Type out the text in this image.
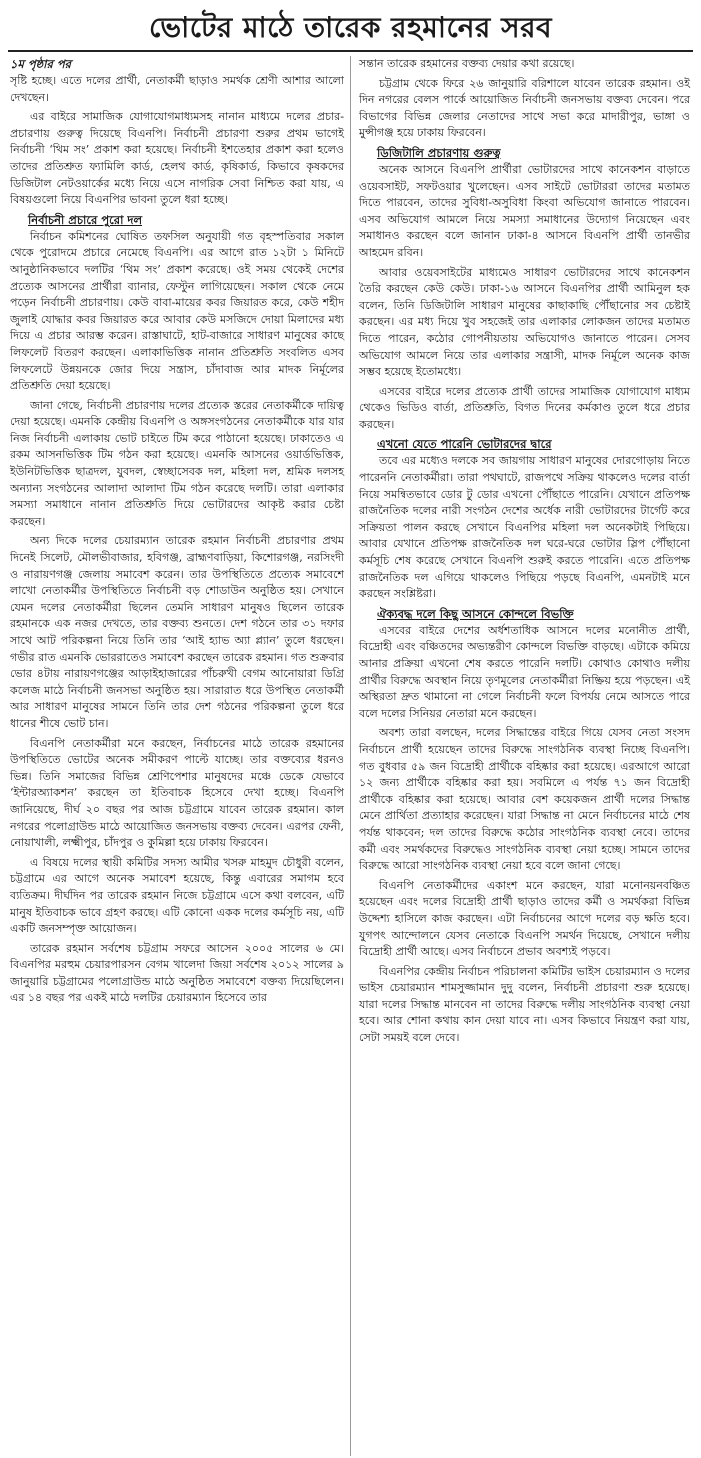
ভোটের মাঠে তারেক রহমানের সরব
১ম পৃষ্ঠার পর

সৃষ্টি হচ্ছে। এতে দলের প্রার্থী, নেতাকর্মী ছাড়াও সমর্থক শ্রেণী আশার আলো দেখছেন।

এর বাইরে সামাজিক যোগাযোগমাধ্যমসহ নানান মাধ্যমে দলের প্রচার-প্রচারণায় গুরুত্ব দিয়েছে বিএনপি। নির্বাচনী প্রচারণা শুরুর প্রথম ভাগেই নির্বাচনী ‘থিম সং’ প্রকাশ করা হয়েছে। নির্বাচনী ইশতেহার প্রকাশ করা হলেও তাদের প্রতিশ্রুত ফ্যামিলি কার্ড, হেলথ কার্ড, কৃষিকার্ড, কিভাবে কৃষকদের ডিজিটাল নেটওয়ার্কের মধ্যে নিয়ে এসে নাগরিক সেবা নিশ্চিত করা যায়, এ বিষয়গুলো নিয়ে বিএনপির ভাবনা তুলে ধরা হচ্ছে।

নির্বাচনী প্রচারে পুরো দল

নির্বাচন কমিশনের ঘোষিত তফসিল অনুযায়ী গত বৃহস্পতিবার সকাল থেকে পুরোদমে প্রচারে নেমেছে বিএনপি। এর আগে রাত ১২টা ১ মিনিটে আনুষ্ঠানিকভাবে দলটির ‘থিম সং’ প্রকাশ করেছে। ওই সময় থেকেই দেশের প্রত্যেক আসনের প্রার্থীরা ব্যানার, ফেস্টুন লাগিয়েছেন। সকাল থেকে নেমে পড়েন নির্বাচনী প্রচারণায়। কেউ বাবা-মায়ের কবর জিয়ারত করে, কেউ শহীদ জুলাই যোদ্ধার কবর জিয়ারত করে আবার কেউ মসজিদে দোয়া মিলাদের মধ্য দিয়ে এ প্রচার আরম্ভ করেন। রাস্তাঘাটে, হাট-বাজারে সাধারণ মানুষের কাছে লিফলেট বিতরণ করছেন। এলাকাভিত্তিক নানান প্রতিশ্রুতি সংবলিত এসব লিফলেটে উন্নয়নকে জোর দিয়ে সন্ত্রাস, চাঁদাবাজ আর মাদক নির্মূলের প্রতিশ্রুতি দেয়া হয়েছে।

জানা গেছে, নির্বাচনী প্রচারণায় দলের প্রত্যেক স্তরের নেতাকর্মীকে দায়িত্ব দেয়া হয়েছে। এমনকি কেন্দ্রীয় বিএনপি ও অঙ্গসংগঠনের নেতাকর্মীকে যার যার নিজ নির্বাচনী এলাকায় ভোট চাইতে টিম করে পাঠানো হয়েছে। ঢাকাতেও এ রকম আসনভিত্তিক টিম গঠন করা হয়েছে। এমনকি আসনের ওয়ার্ডভিত্তিক, ইউনিটভিত্তিক ছাত্রদল, যুবদল, স্বেচ্ছাসেবক দল, মহিলা দল, শ্রমিক দলসহ অন্যান্য সংগঠনের আলাদা আলাদা টিম গঠন করেছে দলটি। তারা এলাকার সমস্যা সমাধানে নানান প্রতিশ্রুতি দিয়ে ভোটারদের আকৃষ্ট করার চেষ্টা করছেন।

অন্য দিকে দলের চেয়ারম্যান তারেক রহমান নির্বাচনী প্রচারণার প্রথম দিনেই সিলেট, মৌলভীবাজার, হবিগঞ্জ, ব্রাহ্মণবাড়িয়া, কিশোরগঞ্জ, নরসিংদী ও নারায়ণগঞ্জ জেলায় সমাবেশ করেন। তার উপস্থিতিতে প্রত্যেক সমাবেশে লাখো নেতাকর্মীর উপস্থিতিতে নির্বাচনী বড় শোডাউন অনুষ্ঠিত হয়। সেখানে যেমন দলের নেতাকর্মীরা ছিলেন তেমনি সাধারণ মানুষও ছিলেন তারেক রহমানকে এক নজর দেখতে, তার বক্তব্য শুনতে। দেশ গঠনে তার ৩১ দফার সাথে আট পরিকল্পনা নিয়ে তিনি তার ‘আই হ্যাভ অ্যা প্ল্যান’ তুলে ধরছেন। গভীর রাত এমনকি ভোররাতেও সমাবেশ করছেন তারেক রহমান। গত শুক্রবার ভোর ৪টায় নারায়ণগঞ্জের আড়াইহাজারের পাঁচরুখী বেগম আনোয়ারা ডিগ্রি কলেজ মাঠে নির্বাচনী জনসভা অনুষ্ঠিত হয়। সারারাত ধরে উপস্থিত নেতাকর্মী আর সাধারণ মানুষের সামনে তিনি তার দেশ গঠনের পরিকল্পনা তুলে ধরে ধানের শীষে ভোট চান।

বিএনপি নেতাকর্মীরা মনে করছেন, নির্বাচনের মাঠে তারেক রহমানের উপস্থিতিতে ভোটের অনেক সমীকরণ পাল্টে যাচ্ছে। তার বক্তব্যের ধরনও ভিন্ন। তিনি সমাজের বিভিন্ন শ্রেণিপেশার মানুষদের মঞ্চে ডেকে যেভাবে ‘ইন্টারঅ্যাকশন’ করছেন তা ইতিবাচক হিসেবে দেখা হচ্ছে। বিএনপি জানিয়েছে, দীর্ঘ ২০ বছর পর আজ চট্টগ্রামে যাবেন তারেক রহমান। কাল নগরের পলোগ্রাউন্ড মাঠে আয়োজিত জনসভায় বক্তব্য দেবেন। এরপর ফেনী, নোয়াখালী, লক্ষ্মীপুর, চাঁদপুর ও কুমিল্লা হয়ে ঢাকায় ফিরবেন।

এ বিষয়ে দলের স্থায়ী কমিটির সদস্য আমীর খসরু মাহমুদ চৌধুরী বলেন, চট্টগ্রামে এর আগে অনেক সমাবেশ হয়েছে, কিন্তু এবারের সমাগম হবে ব্যতিক্রম। দীর্ঘদিন পর তারেক রহমান নিজে চট্টগ্রামে এসে কথা বলবেন, এটি মানুষ ইতিবাচক ভাবে গ্রহণ করছে। এটি কোনো একক দলের কর্মসূচি নয়, এটি একটি জনসম্পৃক্ত আয়োজন।

তারেক রহমান সর্বশেষ চট্টগ্রাম সফরে আসেন ২০০৫ সালের ৬ মে। বিএনপির মরহুম চেয়ারপারসন বেগম খালেদা জিয়া সর্বশেষ ২০১২ সালের ৯ জানুয়ারি চট্টগ্রামের পলোগ্রাউন্ড মাঠে অনুষ্ঠিত সমাবেশে বক্তব্য দিয়েছিলেন। এর ১৪ বছর পর একই মাঠে দলটির চেয়ারম্যান হিসেবে তার

সন্তান তারেক রহমানের বক্তব্য দেয়ার কথা রয়েছে।

চট্টগ্রাম থেকে ফিরে ২৬ জানুয়ারি বরিশালে যাবেন তারেক রহমান। ওই দিন নগরের বেলস পার্কে আয়োজিত নির্বাচনী জনসভায় বক্তব্য দেবেন। পরে বিভাগের বিভিন্ন জেলার নেতাদের সাথে সভা করে মাদারীপুর, ভাঙ্গা ও মুন্সীগঞ্জ হয়ে ঢাকায় ফিরবেন।

ডিজিটালি প্রচারণায় গুরুত্ব

অনেক আসনে বিএনপি প্রার্থীরা ভোটারদের সাথে কানেকশন বাড়াতে ওয়েবসাইট, সফটওয়ার খুলেছেন। এসব সাইটে ভোটাররা তাদের মতামত দিতে পারবেন, তাদের সুবিধা-অসুবিধা কিংবা অভিযোগ জানাতে পারবেন। এসব অভিযোগ আমলে নিয়ে সমস্যা সমাধানের উদ্যোগ নিয়েছেন এবং সমাধানও করছেন বলে জানান ঢাকা-৪ আসনে বিএনপি প্রার্থী তানভীর আহমেদ রবিন।

আবার ওয়েবসাইটের মাধ্যমেও সাধারণ ভোটারদের সাথে কানেকশন তৈরি করছেন কেউ কেউ। ঢাকা-১৬ আসনে বিএনপির প্রার্থী আমিনুল হক বলেন, তিনি ডিজিটালি সাধারণ মানুষের কাছাকাছি পৌঁছানোর সব চেষ্টাই করছেন। এর মধ্য দিয়ে খুব সহজেই তার এলাকার লোকজন তাদের মতামত দিতে পারেন, কঠোর গোপনীয়তায় অভিযোগও জানাতে পারেন। সেসব অভিযোগ আমলে নিয়ে তার এলাকার সন্ত্রাসী, মাদক নির্মূলে অনেক কাজ সম্ভব হয়েছে ইতোমধ্যে।

এসবের বাইরে দলের প্রত্যেক প্রার্থী তাদের সামাজিক যোগাযোগ মাধ্যম থেকেও ভিডিও বার্তা, প্রতিশ্রুতি, বিগত দিনের কর্মকাণ্ড তুলে ধরে প্রচার করছেন।

এখনো যেতে পারেনি ভোটারদের দ্বারে

তবে এর মধ্যেও দলকে সব জায়গায় সাধারণ মানুষের দোরগোড়ায় নিতে পারেননি নেতাকর্মীরা। তারা পথঘাটে, রাজপথে সক্রিয় থাকলেও দলের বার্তা নিয়ে সমন্বিতভাবে ডোর টু ডোর এখনো পৌঁছাতে পারেনি। যেখানে প্রতিপক্ষ রাজনৈতিক দলের নারী সংগঠন দেশের অর্ধেক নারী ভোটারদের টার্গেট করে সক্রিয়তা পালন করছে সেখানে বিএনপির মহিলা দল অনেকটাই পিছিয়ে। আবার যেখানে প্রতিপক্ষ রাজনৈতিক দল ঘরে-ঘরে ভোটার স্লিপ পৌঁছানো কর্মসূচি শেষ করেছে সেখানে বিএনপি শুরুই করতে পারেনি। এতে প্রতিপক্ষ রাজনৈতিক দল এগিয়ে থাকলেও পিছিয়ে পড়ছে বিএনপি, এমনটাই মনে করছেন সংশ্লিষ্টরা।

ঐক্যবদ্ধ দলে কিছু আসনে কোন্দলে বিভক্তি

এসবের বাইরে দেশের অর্ধশতাধিক আসনে দলের মনোনীত প্রার্থী, বিদ্রোহী এবং বঞ্চিতদের অভ্যন্তরীণ কোন্দলে বিভক্তি বাড়ছে। এটাকে কমিয়ে আনার প্রক্রিয়া এখনো শেষ করতে পারেনি দলটি। কোথাও কোথাও দলীয় প্রার্থীর বিরুদ্ধে অবস্থান নিয়ে তৃণমূলের নেতাকর্মীরা নিষ্ক্রিয় হয়ে পড়ছেন। এই অস্থিরতা দ্রুত থামানো না গেলে নির্বাচনী ফলে বিপর্যয় নেমে আসতে পারে বলে দলের সিনিয়র নেতারা মনে করছেন।

অবশ্য তারা বলছেন, দলের সিদ্ধান্তের বাইরে গিয়ে যেসব নেতা সংসদ নির্বাচনে প্রার্থী হয়েছেন তাদের বিরুদ্ধে সাংগঠনিক ব্যবস্থা নিচ্ছে বিএনপি। গত বুধবার ৫৯ জন বিদ্রোহী প্রার্থীকে বহিষ্কার করা হয়েছে। এরআগে আরো ১২ জন্য প্রার্থীকে বহিষ্কার করা হয়। সবমিলে এ পর্যন্ত ৭১ জন বিদ্রোহী প্রার্থীকে বহিষ্কার করা হয়েছে। আবার বেশ কয়েকজন প্রার্থী দলের সিদ্ধান্ত মেনে প্রার্থিতা প্রত্যাহার করেছেন। যারা সিদ্ধান্ত না মেনে নির্বাচনের মাঠে শেষ পর্যন্ত থাকবেন; দল তাদের বিরুদ্ধে কঠোর সাংগঠনিক ব্যবস্থা নেবে। তাদের কর্মী এবং সমর্থকদের বিরুদ্ধেও সাংগঠনিক ব্যবস্থা নেয়া হচ্ছে। সামনে তাদের বিরুদ্ধে আরো সাংগঠনিক ব্যবস্থা নেয়া হবে বলে জানা গেছে।

বিএনপি নেতাকর্মীদের একাংশ মনে করছেন, যারা মনোনয়নবঞ্চিত হয়েছেন এবং দলের বিদ্রোহী প্রার্থী ছাড়াও তাদের কর্মী ও সমর্থকরা বিভিন্ন উদ্দেশ্য হাসিলে কাজ করছেন। এটা নির্বাচনের আগে দলের বড় ক্ষতি হবে। যুগপৎ আন্দোলনে যেসব নেতাকে বিএনপি সমর্থন দিয়েছে, সেখানে দলীয় বিদ্রোহী প্রার্থী আছে। এসব নির্বাচনে প্রভাব অবশ্যই পড়বে।

বিএনপির কেন্দ্রীয় নির্বাচন পরিচালনা কমিটির ভাইস চেয়ারম্যান ও দলের ভাইস চেয়ারম্যান শামসুজ্জামান দুদু বলেন, নির্বাচনী প্রচারণা শুরু হয়েছে। যারা দলের সিদ্ধান্ত মানবেন না তাদের বিরুদ্ধে দলীয় সাংগঠনিক ব্যবস্থা নেয়া হবে। আর শোনা কথায় কান দেয়া যাবে না। এসব কিভাবে নিয়ন্ত্রণ করা যায়, সেটা সময়ই বলে দেবে।
